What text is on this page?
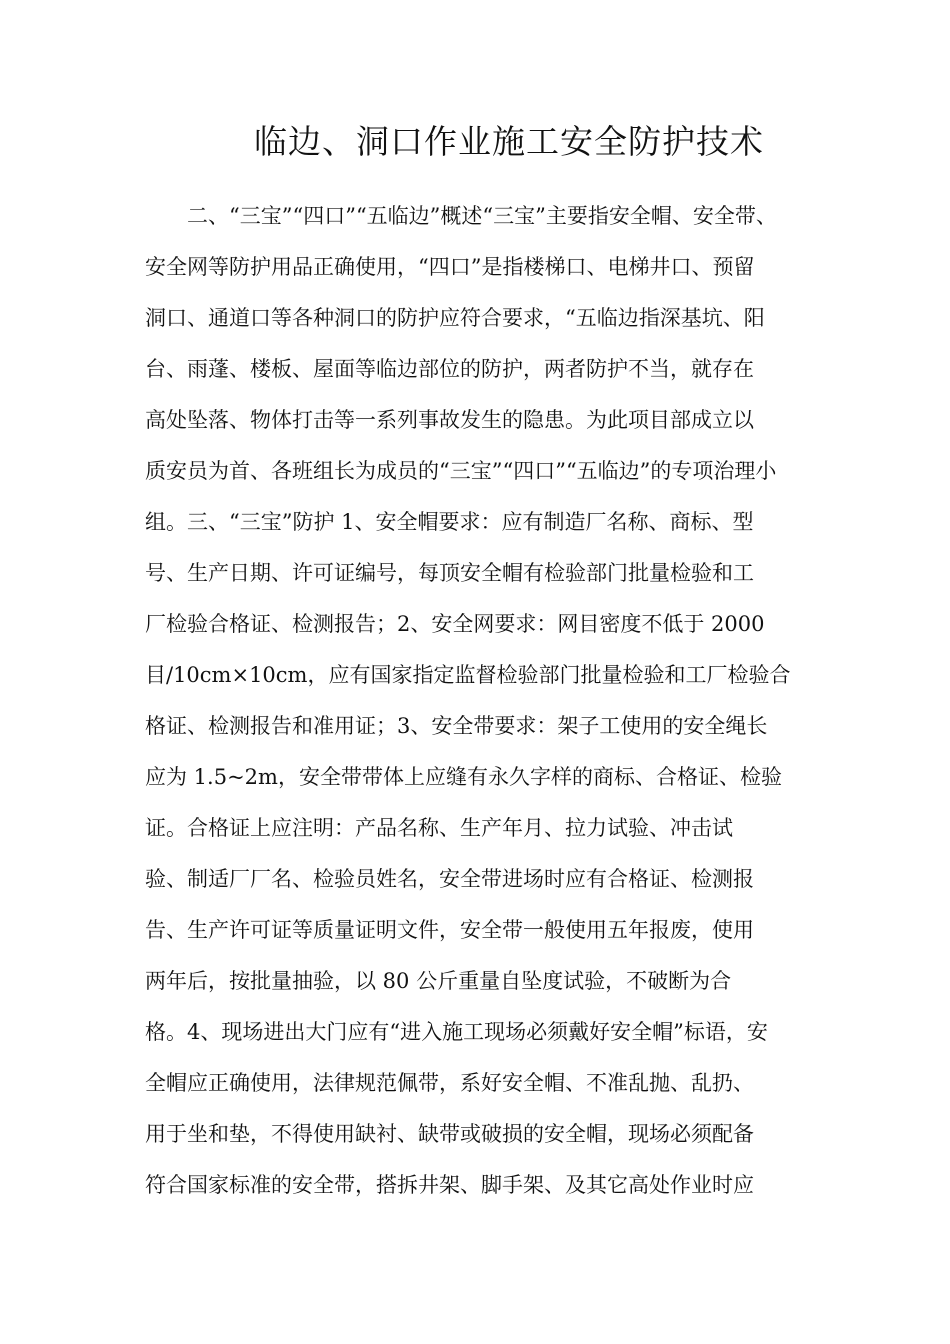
临边、洞口作业施工安全防护技术
二、“三宝”“四口”“五临边”概述“三宝”主要指安全帽、安全带、
安全网等防护用品正确使用，“四口”是指楼梯口、电梯井口、预留
洞口、通道口等各种洞口的防护应符合要求，“五临边指深基坑、阳
台、雨蓬、楼板、屋面等临边部位的防护，两者防护不当，就存在
高处坠落、物体打击等一系列事故发生的隐患。为此项目部成立以
质安员为首、各班组长为成员的“三宝”“四口”“五临边”的专项治理小
组。三、“三宝”防护 1、安全帽要求：应有制造厂名称、商标、型
号、生产日期、许可证编号，每顶安全帽有检验部门批量检验和工
厂检验合格证、检测报告；2、安全网要求：网目密度不低于 2000
目/10cm×10cm，应有国家指定监督检验部门批量检验和工厂检验合
格证、检测报告和准用证；3、安全带要求：架子工使用的安全绳长
应为 1.5~2m，安全带带体上应缝有永久字样的商标、合格证、检验
证。合格证上应注明：产品名称、生产年月、拉力试验、冲击试
验、制适厂厂名、检验员姓名，安全带进场时应有合格证、检测报
告、生产许可证等质量证明文件，安全带一般使用五年报废，使用
两年后，按批量抽验，以 80 公斤重量自坠度试验，不破断为合
格。4、现场进出大门应有“进入施工现场必须戴好安全帽”标语，安
全帽应正确使用，法律规范佩带，系好安全帽、不准乱抛、乱扔、
用于坐和垫，不得使用缺衬、缺带或破损的安全帽，现场必须配备
符合国家标准的安全带，搭拆井架、脚手架、及其它高处作业时应
